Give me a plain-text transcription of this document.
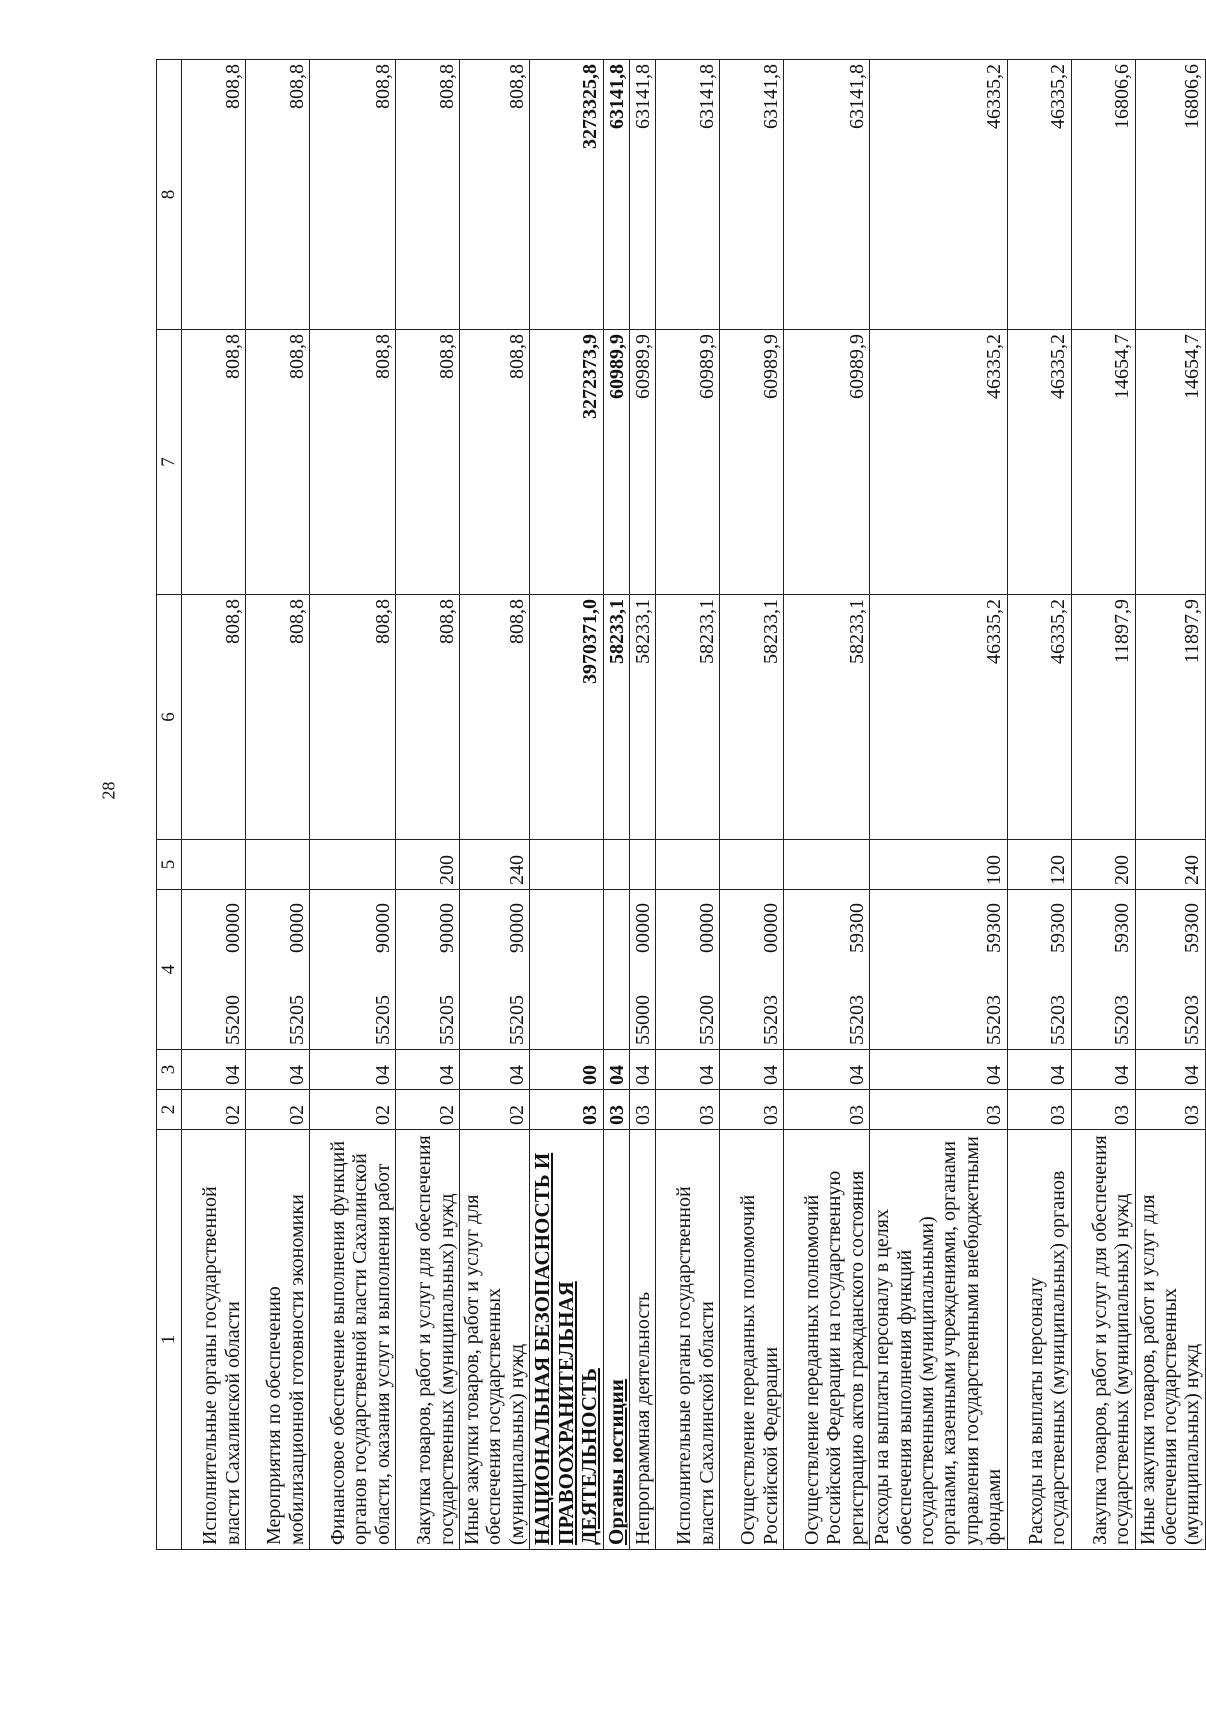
28
1	2	3	4	5	6	7	8
Исполнительные органы государственной власти Сахалинской области	02	04	5520000000		808,8	808,8	808,8
Мероприятия по обеспечению мобилизационной готовности экономики	02	04	5520500000		808,8	808,8	808,8
Финансовое обеспечение выполнения функций органов государственной власти Сахалинской области, оказания услуг и выполнения работ	02	04	5520590000		808,8	808,8	808,8
Закупка товаров, работ и услуг для обеспечения государственных (муниципальных) нужд	02	04	5520590000	200	808,8	808,8	808,8
Иные закупки товаров, работ и услуг для обеспечения государственных (муниципальных) нужд	02	04	5520590000	240	808,8	808,8	808,8
НАЦИОНАЛЬНАЯ БЕЗОПАСНОСТЬ И ПРАВООХРАНИТЕЛЬНАЯ ДЕЯТЕЛЬНОСТЬ	03	00			3970371,0	3272373,9	3273325,8
Органы юстиции	03	04			58233,1	60989,9	63141,8
Непрограммная деятельность	03	04	5500000000		58233,1	60989,9	63141,8
Исполнительные органы государственной власти Сахалинской области	03	04	5520000000		58233,1	60989,9	63141,8
Осуществление переданных полномочий Российской Федерации	03	04	5520300000		58233,1	60989,9	63141,8
Осуществление переданных полномочий Российской Федерации на государственную регистрацию актов гражданского состояния	03	04	5520359300		58233,1	60989,9	63141,8
Расходы на выплаты персоналу в целях обеспечения выполнения функций государственными (муниципальными) органами, казенными учреждениями, органами управления государственными внебюджетными фондами	03	04	5520359300	100	46335,2	46335,2	46335,2
Расходы на выплаты персоналу государственных (муниципальных) органов	03	04	5520359300	120	46335,2	46335,2	46335,2
Закупка товаров, работ и услуг для обеспечения государственных (муниципальных) нужд	03	04	5520359300	200	11897,9	14654,7	16806,6
Иные закупки товаров, работ и услуг для обеспечения государственных (муниципальных) нужд	03	04	5520359300	240	11897,9	14654,7	16806,6
